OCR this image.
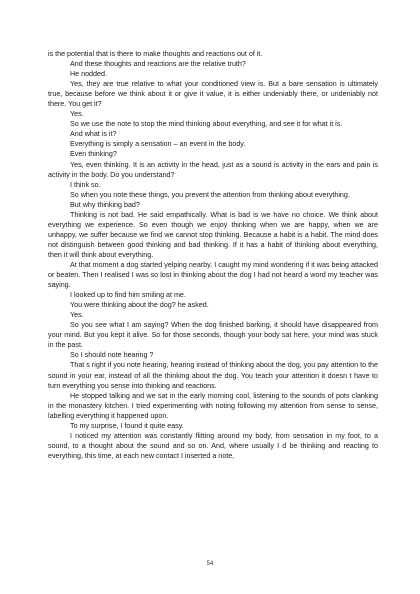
is the potential that is there to make thoughts and reactions out of it.

And these thoughts and reactions are the relative truth?

He nodded.

Yes, they are true relative to what your conditioned view is. But a bare sensation is ultimately true, because before we think about it or give it value, it is either undeniably there, or undeniably not there. You get it?

Yes.

So we use the note to stop the mind thinking about everything, and see it for what it is.

And what is it?

Everything is simply a sensation – an event in the body.

Even thinking?

Yes, even thinking. It is an activity in the head, just as a sound is activity in the ears and pain is activity in the body. Do you understand?

I think so.

So when you note these things, you prevent the attention from thinking about everything.

But why thinking bad?

Thinking is not bad. He said empathically. What is bad is we have no choice. We think about everything we experience. So even though we enjoy thinking when we are happy, when we are unhappy, we suffer because we find we cannot stop thinking. Because a habit is a habit. The mind does not distinguish between good thinking and bad thinking. If it has a habit of thinking about everything, then it will think about everything.

At that moment a dog started yelping nearby. I caught my mind wondering if it was being attacked or beaten. Then I realised I was so lost in thinking about the dog I had not heard a word my teacher was saying.

I looked up to find him smiling at me.

You were thinking about the dog? he asked.

Yes.

So you see what I am saying? When the dog finished barking, it should have disappeared from your mind. But you kept it alive. So for those seconds, though your body sat here, your mind was stuck in the past.

So I should note hearing ?

That s right if you note hearing, hearing instead of thinking about the dog, you pay attention to the sound in your ear, instead of all the thinking about the dog. You teach your attention it doesn t have to turn everything you sense into thinking and reactions.

He stopped talking and we sat in the early morning cool, listening to the sounds of pots clanking in the monastery kitchen. I tried experimenting with noting following my attention from sense to sense, labelling everything it happened upon.

To my surprise, I found it quite easy.

I noticed my attention was constantly flitting around my body, from sensation in my foot, to a sound, to a thought about the sound and so on. And, where usually I d be thinking and reacting to everything, this time, at each new contact I inserted a note,

54
